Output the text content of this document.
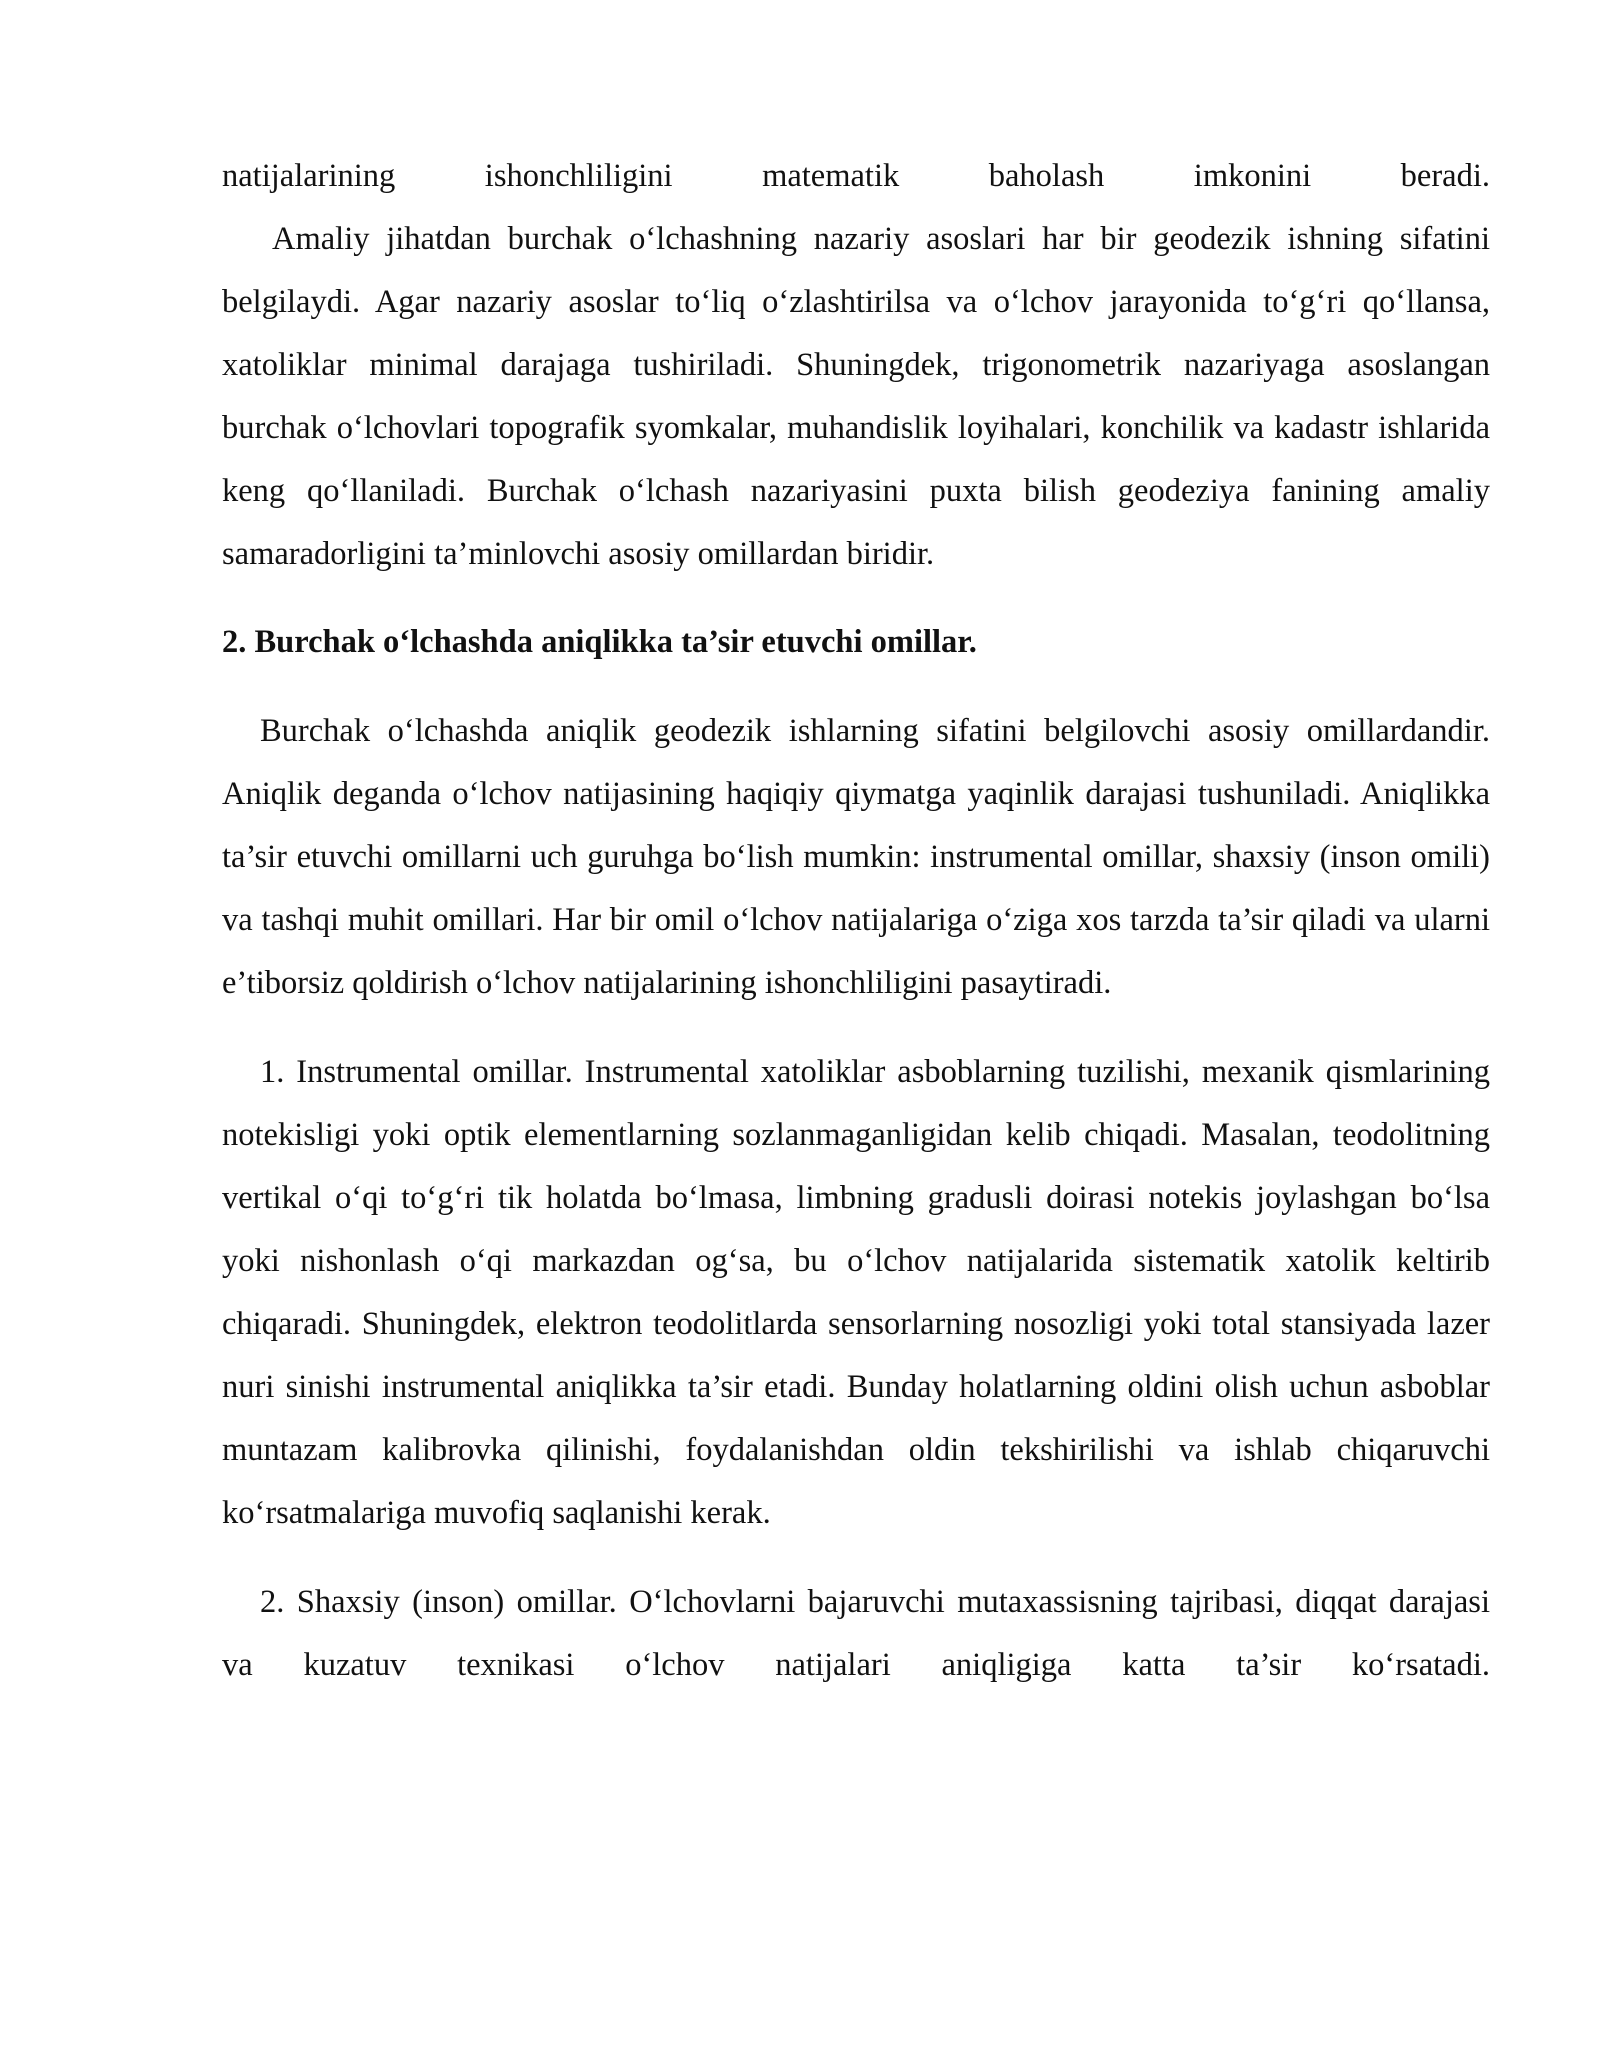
natijalarining ishonchliligini matematik baholash imkonini beradi.

Amaliy jihatdan burchak o‘lchashning nazariy asoslari har bir geodezik ishning sifatini belgilaydi. Agar nazariy asoslar to‘liq o‘zlashtirilsa va o‘lchov jarayonida to‘g‘ri qo‘llansa, xatoliklar minimal darajaga tushiriladi. Shuningdek, trigonometrik nazariyaga asoslangan burchak o‘lchovlari topografik syomkalar, muhandislik loyihalari, konchilik va kadastr ishlarida keng qo‘llaniladi. Burchak o‘lchash nazariyasini puxta bilish geodeziya fanining amaliy samaradorligini ta’minlovchi asosiy omillardan biridir.

2. Burchak o‘lchashda aniqlikka ta’sir etuvchi omillar.

Burchak o‘lchashda aniqlik geodezik ishlarning sifatini belgilovchi asosiy omillardandir. Aniqlik deganda o‘lchov natijasining haqiqiy qiymatga yaqinlik darajasi tushuniladi. Aniqlikka ta’sir etuvchi omillarni uch guruhga bo‘lish mumkin: instrumental omillar, shaxsiy (inson omili) va tashqi muhit omillari. Har bir omil o‘lchov natijalariga o‘ziga xos tarzda ta’sir qiladi va ularni e’tiborsiz qoldirish o‘lchov natijalarining ishonchliligini pasaytiradi.

1. Instrumental omillar. Instrumental xatoliklar asboblarning tuzilishi, mexanik qismlarining notekisligi yoki optik elementlarning sozlanmaganligidan kelib chiqadi. Masalan, teodolitning vertikal o‘qi to‘g‘ri tik holatda bo‘lmasa, limbning gradusli doirasi notekis joylashgan bo‘lsa yoki nishonlash o‘qi markazdan og‘sa, bu o‘lchov natijalarida sistematik xatolik keltirib chiqaradi. Shuningdek, elektron teodolitlarda sensorlarning nosozligi yoki total stansiyada lazer nuri sinishi instrumental aniqlikka ta’sir etadi. Bunday holatlarning oldini olish uchun asboblar muntazam kalibrovka qilinishi, foydalanishdan oldin tekshirilishi va ishlab chiqaruvchi ko‘rsatmalariga muvofiq saqlanishi kerak.

2. Shaxsiy (inson) omillar. O‘lchovlarni bajaruvchi mutaxassisning tajribasi, diqqat darajasi va kuzatuv texnikasi o‘lchov natijalari aniqligiga katta ta’sir ko‘rsatadi.
